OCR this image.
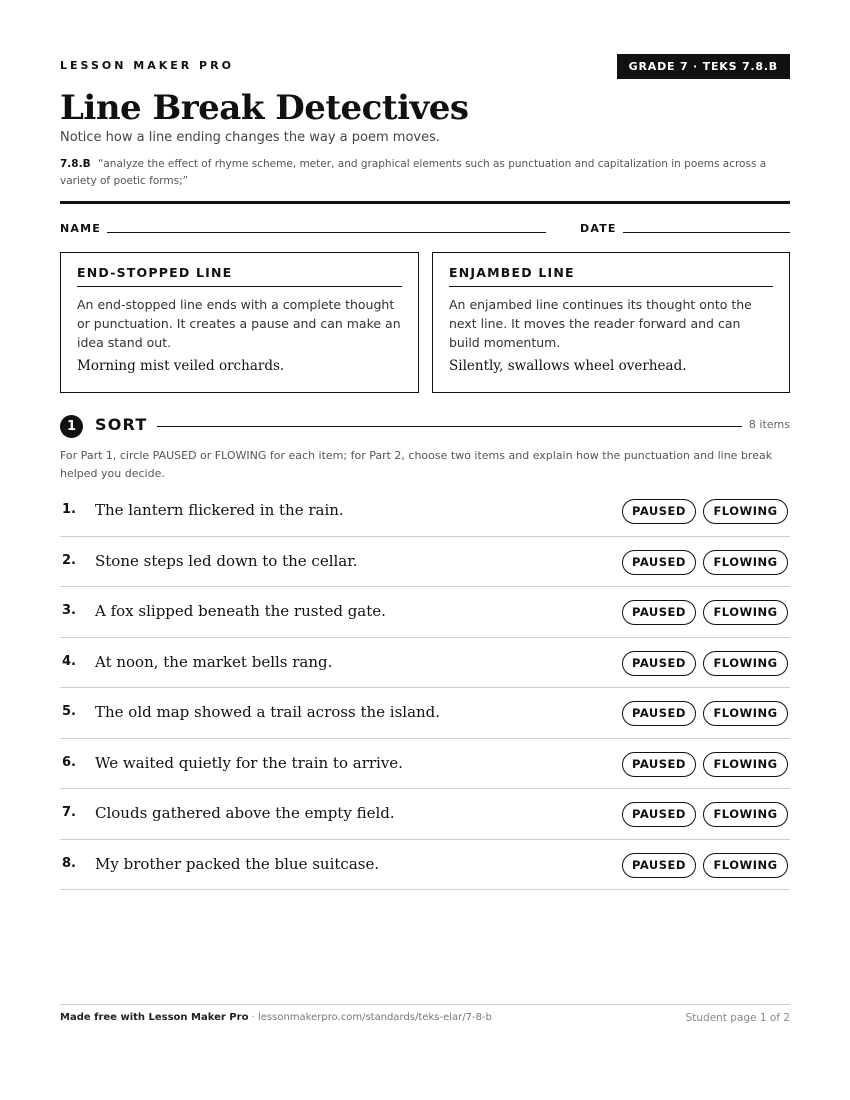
LESSON MAKER PRO	GRADE 7 · TEKS 7.8.B
Line Break Detectives
Notice how a line ending changes the way a poem moves.
7.8.B “analyze the effect of rhyme scheme, meter, and graphical elements such as punctuation and capitalization in poems across a variety of poetic forms;”
NAME	DATE
END-STOPPED LINE
An end-stopped line ends with a complete thought or punctuation. It creates a pause and can make an idea stand out.
Morning mist veiled orchards.
ENJAMBED LINE
An enjambed line continues its thought onto the next line. It moves the reader forward and can build momentum.
Silently, swallows wheel overhead.
1	SORT	8 items
For Part 1, circle PAUSED or FLOWING for each item; for Part 2, choose two items and explain how the punctuation and line break helped you decide.
1. The lantern flickered in the rain.	PAUSED	FLOWING
2. Stone steps led down to the cellar.	PAUSED	FLOWING
3. A fox slipped beneath the rusted gate.	PAUSED	FLOWING
4. At noon, the market bells rang.	PAUSED	FLOWING
5. The old map showed a trail across the island.	PAUSED	FLOWING
6. We waited quietly for the train to arrive.	PAUSED	FLOWING
7. Clouds gathered above the empty field.	PAUSED	FLOWING
8. My brother packed the blue suitcase.	PAUSED	FLOWING
Made free with Lesson Maker Pro · lessonmakerpro.com/standards/teks-elar/7-8-b	Student page 1 of 2
